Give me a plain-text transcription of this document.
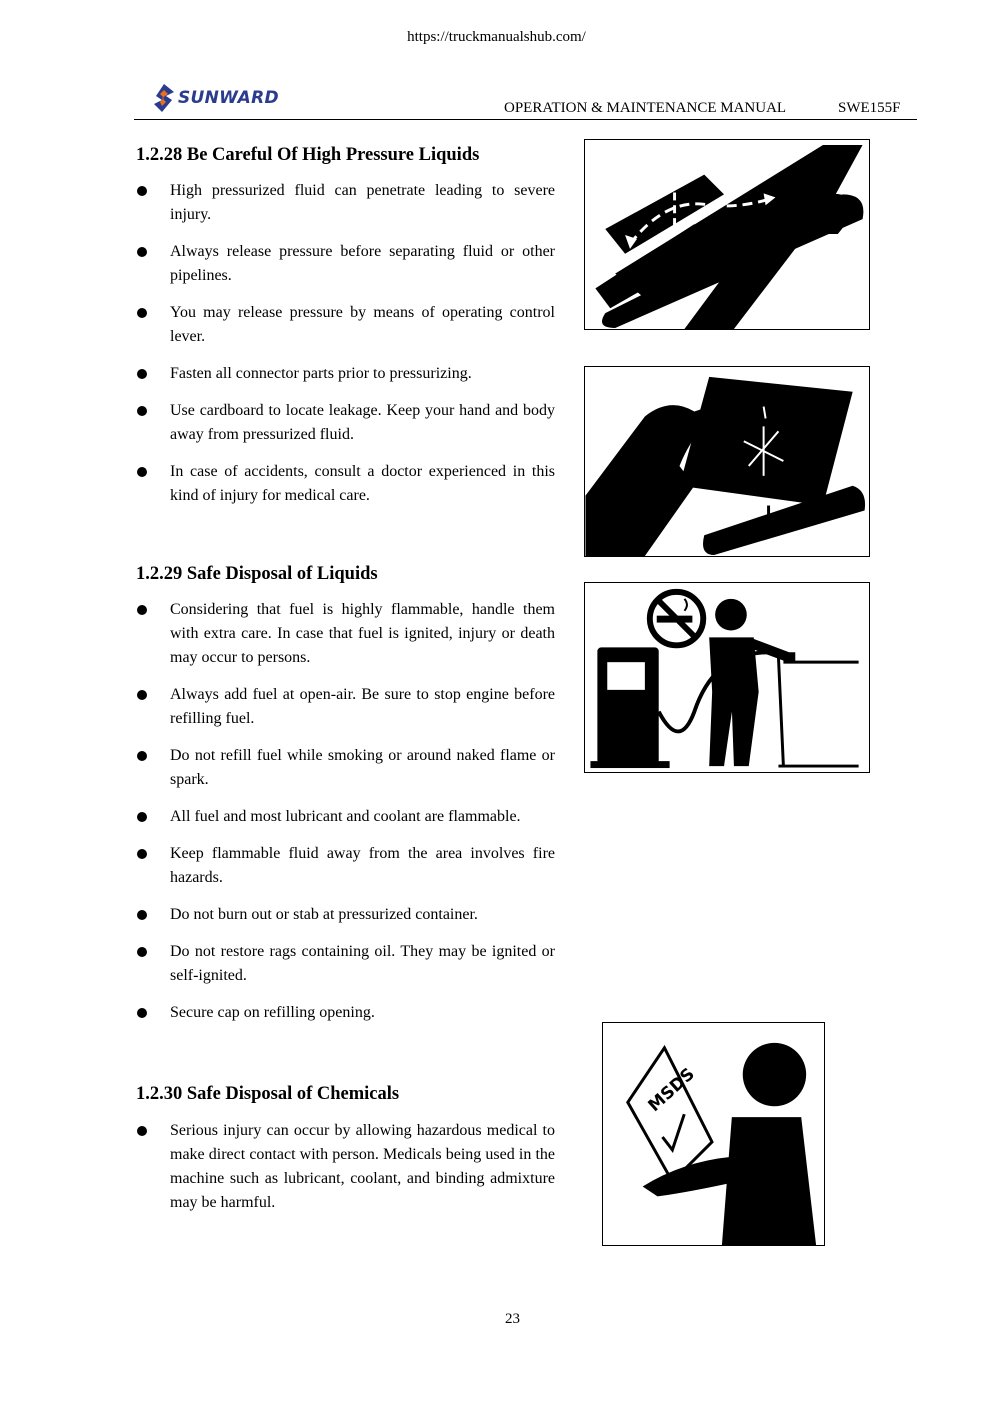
https://truckmanualshub.com/
SUNWARD	OPERATION & MAINTENANCE MANUAL	SWE155F
1.2.28 Be Careful Of High Pressure Liquids
High pressurized fluid can penetrate leading to severe injury.
Always release pressure before separating fluid or other pipelines.
You may release pressure by means of operating control lever.
Fasten all connector parts prior to pressurizing.
Use cardboard to locate leakage. Keep your hand and body away from pressurized fluid.
In case of accidents, consult a doctor experienced in this kind of injury for medical care.
1.2.29 Safe Disposal of Liquids
Considering that fuel is highly flammable, handle them with extra care. In case that fuel is ignited, injury or death may occur to persons.
Always add fuel at open-air. Be sure to stop engine before refilling fuel.
Do not refill fuel while smoking or around naked flame or spark.
All fuel and most lubricant and coolant are flammable.
Keep flammable fluid away from the area involves fire hazards.
Do not burn out or stab at pressurized container.
Do not restore rags containing oil. They may be ignited or self-ignited.
Secure cap on refilling opening.
1.2.30 Safe Disposal of Chemicals
Serious injury can occur by allowing hazardous medical to make direct contact with person. Medicals being used in the machine such as lubricant, coolant, and binding admixture may be harmful.
MSDS
23
